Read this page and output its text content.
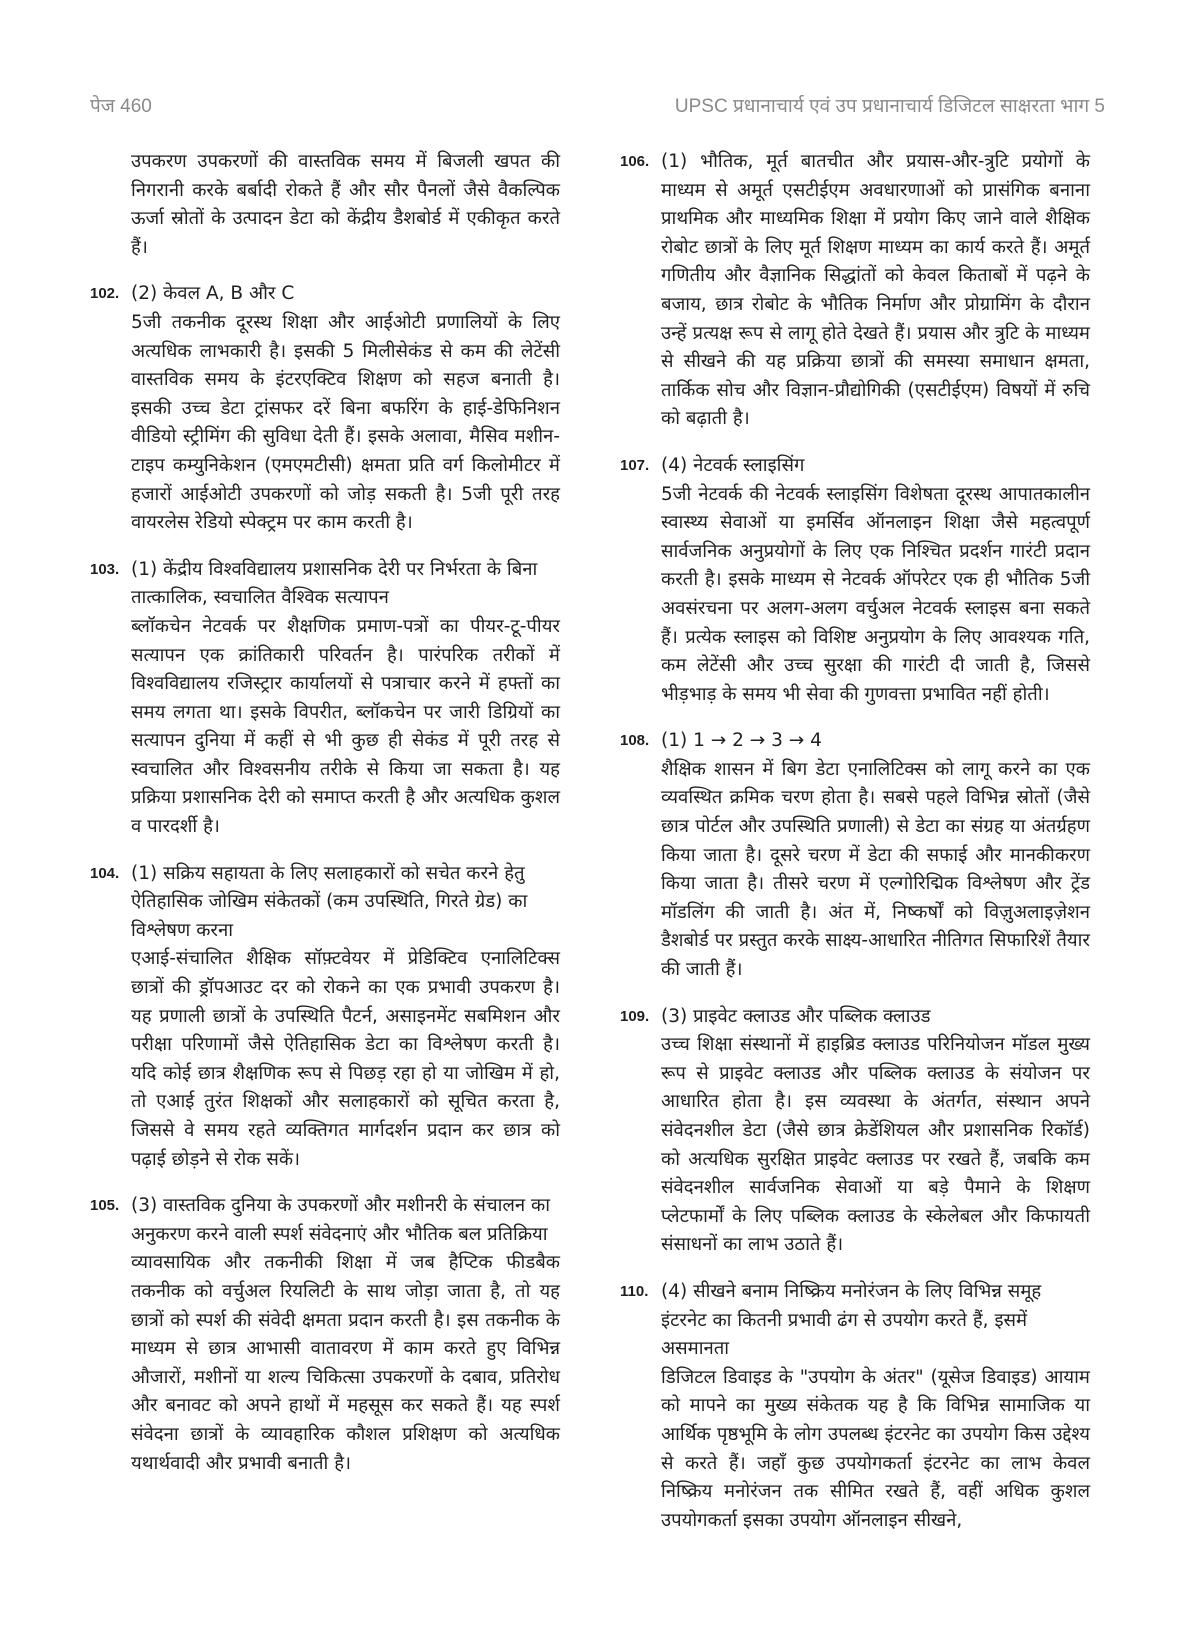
पेज 460	UPSC प्रधानाचार्य एवं उप प्रधानाचार्य डिजिटल साक्षरता भाग 5
उपकरण उपकरणों की वास्तविक समय में बिजली खपत की निगरानी करके बर्बादी रोकते हैं और सौर पैनलों जैसे वैकल्पिक ऊर्जा स्रोतों के उत्पादन डेटा को केंद्रीय डैशबोर्ड में एकीकृत करते हैं।
102. (2) केवल A, B और C
5जी तकनीक दूरस्थ शिक्षा और आईओटी प्रणालियों के लिए अत्यधिक लाभकारी है। इसकी 5 मिलीसेकंड से कम की लेटेंसी वास्तविक समय के इंटरएक्टिव शिक्षण को सहज बनाती है। इसकी उच्च डेटा ट्रांसफर दरें बिना बफरिंग के हाई-डेफिनिशन वीडियो स्ट्रीमिंग की सुविधा देती हैं। इसके अलावा, मैसिव मशीन-टाइप कम्युनिकेशन (एमएमटीसी) क्षमता प्रति वर्ग किलोमीटर में हजारों आईओटी उपकरणों को जोड़ सकती है। 5जी पूरी तरह वायरलेस रेडियो स्पेक्ट्रम पर काम करती है।
103. (1) केंद्रीय विश्वविद्यालय प्रशासनिक देरी पर निर्भरता के बिना तात्कालिक, स्वचालित वैश्विक सत्यापन
ब्लॉकचेन नेटवर्क पर शैक्षणिक प्रमाण-पत्रों का पीयर-टू-पीयर सत्यापन एक क्रांतिकारी परिवर्तन है। पारंपरिक तरीकों में विश्वविद्यालय रजिस्ट्रार कार्यालयों से पत्राचार करने में हफ्तों का समय लगता था। इसके विपरीत, ब्लॉकचेन पर जारी डिग्रियों का सत्यापन दुनिया में कहीं से भी कुछ ही सेकंड में पूरी तरह से स्वचालित और विश्वसनीय तरीके से किया जा सकता है। यह प्रक्रिया प्रशासनिक देरी को समाप्त करती है और अत्यधिक कुशल व पारदर्शी है।
104. (1) सक्रिय सहायता के लिए सलाहकारों को सचेत करने हेतु ऐतिहासिक जोखिम संकेतकों (कम उपस्थिति, गिरते ग्रेड) का विश्लेषण करना
एआई-संचालित शैक्षिक सॉफ़्टवेयर में प्रेडिक्टिव एनालिटिक्स छात्रों की ड्रॉपआउट दर को रोकने का एक प्रभावी उपकरण है। यह प्रणाली छात्रों के उपस्थिति पैटर्न, असाइनमेंट सबमिशन और परीक्षा परिणामों जैसे ऐतिहासिक डेटा का विश्लेषण करती है। यदि कोई छात्र शैक्षणिक रूप से पिछड़ रहा हो या जोखिम में हो, तो एआई तुरंत शिक्षकों और सलाहकारों को सूचित करता है, जिससे वे समय रहते व्यक्तिगत मार्गदर्शन प्रदान कर छात्र को पढ़ाई छोड़ने से रोक सकें।
105. (3) वास्तविक दुनिया के उपकरणों और मशीनरी के संचालन का अनुकरण करने वाली स्पर्श संवेदनाएं और भौतिक बल प्रतिक्रिया
व्यावसायिक और तकनीकी शिक्षा में जब हैप्टिक फीडबैक तकनीक को वर्चुअल रियलिटी के साथ जोड़ा जाता है, तो यह छात्रों को स्पर्श की संवेदी क्षमता प्रदान करती है। इस तकनीक के माध्यम से छात्र आभासी वातावरण में काम करते हुए विभिन्न औजारों, मशीनों या शल्य चिकित्सा उपकरणों के दबाव, प्रतिरोध और बनावट को अपने हाथों में महसूस कर सकते हैं। यह स्पर्श संवेदना छात्रों के व्यावहारिक कौशल प्रशिक्षण को अत्यधिक यथार्थवादी और प्रभावी बनाती है।
106. (1) भौतिक, मूर्त बातचीत और प्रयास-और-त्रुटि प्रयोगों के माध्यम से अमूर्त एसटीईएम अवधारणाओं को प्रासंगिक बनाना प्राथमिक और माध्यमिक शिक्षा में प्रयोग किए जाने वाले शैक्षिक रोबोट छात्रों के लिए मूर्त शिक्षण माध्यम का कार्य करते हैं। अमूर्त गणितीय और वैज्ञानिक सिद्धांतों को केवल किताबों में पढ़ने के बजाय, छात्र रोबोट के भौतिक निर्माण और प्रोग्रामिंग के दौरान उन्हें प्रत्यक्ष रूप से लागू होते देखते हैं। प्रयास और त्रुटि के माध्यम से सीखने की यह प्रक्रिया छात्रों की समस्या समाधान क्षमता, तार्किक सोच और विज्ञान-प्रौद्योगिकी (एसटीईएम) विषयों में रुचि को बढ़ाती है।
107. (4) नेटवर्क स्लाइसिंग
5जी नेटवर्क की नेटवर्क स्लाइसिंग विशेषता दूरस्थ आपातकालीन स्वास्थ्य सेवाओं या इमर्सिव ऑनलाइन शिक्षा जैसे महत्वपूर्ण सार्वजनिक अनुप्रयोगों के लिए एक निश्चित प्रदर्शन गारंटी प्रदान करती है। इसके माध्यम से नेटवर्क ऑपरेटर एक ही भौतिक 5जी अवसंरचना पर अलग-अलग वर्चुअल नेटवर्क स्लाइस बना सकते हैं। प्रत्येक स्लाइस को विशिष्ट अनुप्रयोग के लिए आवश्यक गति, कम लेटेंसी और उच्च सुरक्षा की गारंटी दी जाती है, जिससे भीड़भाड़ के समय भी सेवा की गुणवत्ता प्रभावित नहीं होती।
108. (1) 1 → 2 → 3 → 4
शैक्षिक शासन में बिग डेटा एनालिटिक्स को लागू करने का एक व्यवस्थित क्रमिक चरण होता है। सबसे पहले विभिन्न स्रोतों (जैसे छात्र पोर्टल और उपस्थिति प्रणाली) से डेटा का संग्रह या अंतर्ग्रहण किया जाता है। दूसरे चरण में डेटा की सफाई और मानकीकरण किया जाता है। तीसरे चरण में एल्गोरिद्मिक विश्लेषण और ट्रेंड मॉडलिंग की जाती है। अंत में, निष्कर्षों को विज़ुअलाइज़ेशन डैशबोर्ड पर प्रस्तुत करके साक्ष्य-आधारित नीतिगत सिफारिशें तैयार की जाती हैं।
109. (3) प्राइवेट क्लाउड और पब्लिक क्लाउड
उच्च शिक्षा संस्थानों में हाइब्रिड क्लाउड परिनियोजन मॉडल मुख्य रूप से प्राइवेट क्लाउड और पब्लिक क्लाउड के संयोजन पर आधारित होता है। इस व्यवस्था के अंतर्गत, संस्थान अपने संवेदनशील डेटा (जैसे छात्र क्रेडेंशियल और प्रशासनिक रिकॉर्ड) को अत्यधिक सुरक्षित प्राइवेट क्लाउड पर रखते हैं, जबकि कम संवेदनशील सार्वजनिक सेवाओं या बड़े पैमाने के शिक्षण प्लेटफार्मों के लिए पब्लिक क्लाउड के स्केलेबल और किफायती संसाधनों का लाभ उठाते हैं।
110. (4) सीखने बनाम निष्क्रिय मनोरंजन के लिए विभिन्न समूह इंटरनेट का कितनी प्रभावी ढंग से उपयोग करते हैं, इसमें असमानता
डिजिटल डिवाइड के "उपयोग के अंतर" (यूसेज डिवाइड) आयाम को मापने का मुख्य संकेतक यह है कि विभिन्न सामाजिक या आर्थिक पृष्ठभूमि के लोग उपलब्ध इंटरनेट का उपयोग किस उद्देश्य से करते हैं। जहाँ कुछ उपयोगकर्ता इंटरनेट का लाभ केवल निष्क्रिय मनोरंजन तक सीमित रखते हैं, वहीं अधिक कुशल उपयोगकर्ता इसका उपयोग ऑनलाइन सीखने,
